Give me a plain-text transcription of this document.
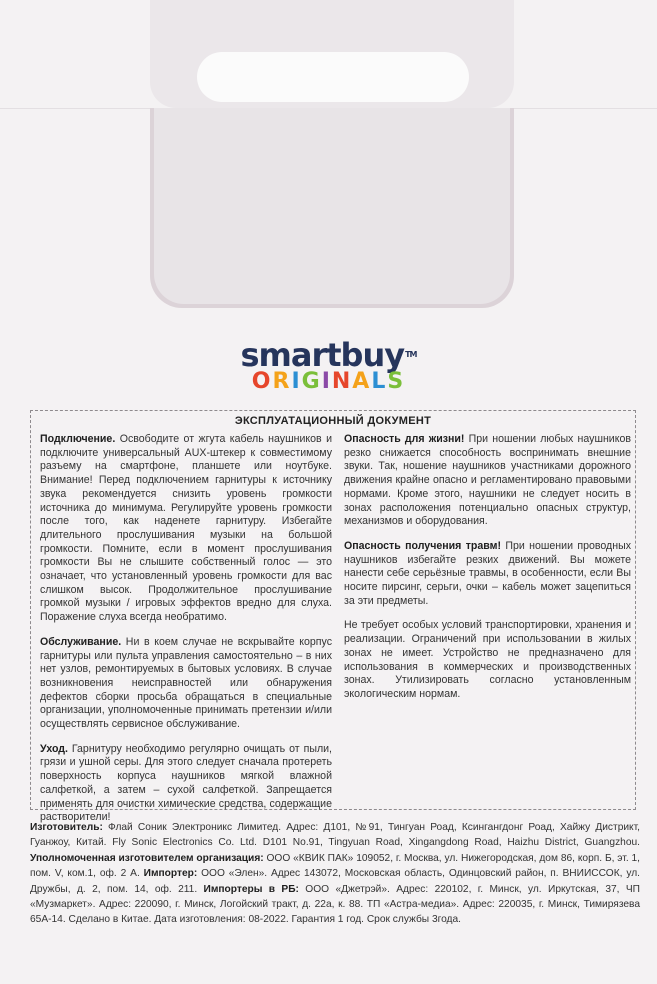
smartbuy™
ORIGINALS
ЭКСПЛУАТАЦИОННЫЙ ДОКУМЕНТ

Подключение. Освободите от жгута кабель наушников и подключите универсальный AUX-штекер к совместимому разъему на смартфоне, планшете или ноутбуке. Внимание! Перед подключением гарнитуры к источнику звука рекомендуется снизить уровень громкости источника до минимума. Регулируйте уровень громкости после того, как наденете гарнитуру. Избегайте длительного прослушивания музыки на большой громкости. Помните, если в момент прослушивания громкости Вы не слышите собственный голос — это означает, что установленный уровень громкости для вас слишком высок. Продолжительное прослушивание громкой музыки / игровых эффектов вредно для слуха. Поражение слуха всегда необратимо.

Обслуживание. Ни в коем случае не вскрывайте корпус гарнитуры или пульта управления самостоятельно – в них нет узлов, ремонтируемых в бытовых условиях. В случае возникновения неисправностей или обнаружения дефектов сборки просьба обращаться в специальные организации, уполномоченные принимать претензии и/или осуществлять сервисное обслуживание.

Уход. Гарнитуру необходимо регулярно очищать от пыли, грязи и ушной серы. Для этого следует сначала протереть поверхность корпуса наушников мягкой влажной салфеткой, а затем – сухой салфеткой. Запрещается применять для очистки химические средства, содержащие растворители!

Опасность для жизни! При ношении любых наушников резко снижается способность воспринимать внешние звуки. Так, ношение наушников участниками дорожного движения крайне опасно и регламентировано правовыми нормами. Кроме этого, наушники не следует носить в зонах расположения потенциально опасных структур, механизмов и оборудования.

Опасность получения травм! При ношении проводных наушников избегайте резких движений. Вы можете нанести себе серьёзные травмы, в особенности, если Вы носите пирсинг, серьги, очки – кабель может зацепиться за эти предметы.

Не требует особых условий транспортировки, хранения и реализации. Ограничений при использовании в жилых зонах не имеет. Устройство не предназначено для использования в коммерческих и производственных зонах. Утилизировать согласно установленным экологическим нормам.

Изготовитель: Флай Соник Электроникс Лимитед. Адрес: Д101, №91, Тингуан Роад, Ксингангдонг Роад, Хайжу Дистрикт, Гуанжоу, Китай. Fly Sonic Electronics Co. Ltd. D101 No.91, Tingyuan Road, Xingangdong Road, Haizhu District, Guangzhou. Уполномоченная изготовителем организация: ООО «КВИК ПАК» 109052, г. Москва, ул. Нижегородская, дом 86, корп. Б, эт. 1, пом. V, ком.1, оф. 2 А. Импортер: ООО «Элен». Адрес 143072, Московская область, Одинцовский район, п. ВНИИССОК, ул. Дружбы, д. 2, пом. 14, оф. 211. Импортеры в РБ: ООО «Джетрэй». Адрес: 220102, г. Минск, ул. Иркутская, 37, ЧП «Музмаркет». Адрес: 220090, г. Минск, Логойский тракт, д. 22а, к. 88. ТП «Астра-медиа». Адрес: 220035, г. Минск, Тимирязева 65А-14. Сделано в Китае. Дата изготовления: 08-2022. Гарантия 1 год. Срок службы 3года.
